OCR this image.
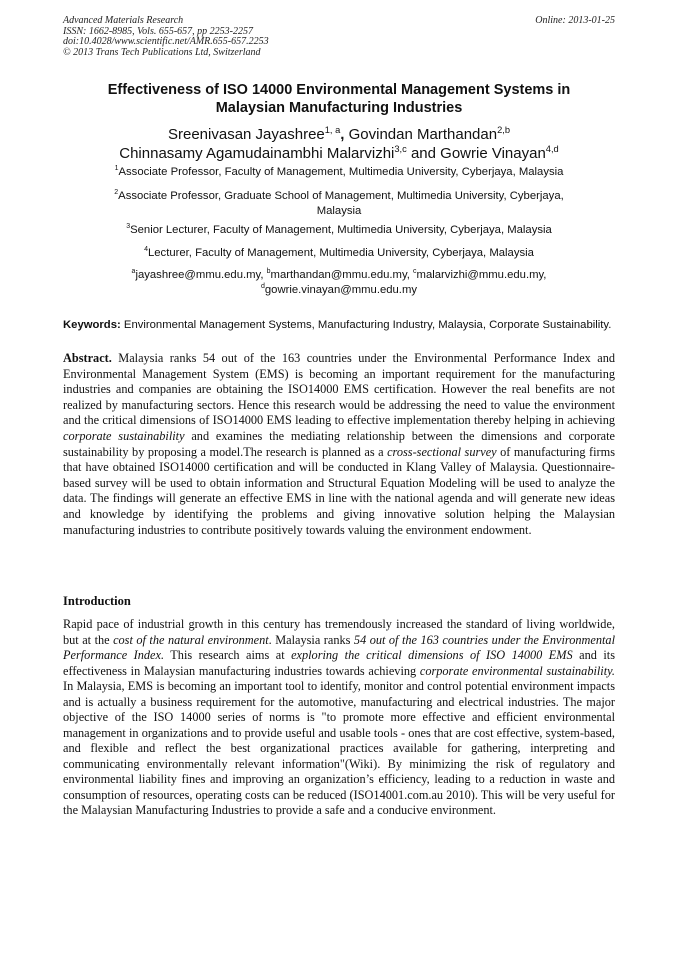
Advanced Materials Research
ISSN: 1662-8985, Vols. 655-657, pp 2253-2257
doi:10.4028/www.scientific.net/AMR.655-657.2253
© 2013 Trans Tech Publications Ltd, Switzerland
Online: 2013-01-25
Effectiveness of ISO 14000 Environmental Management Systems in
Malaysian Manufacturing Industries
Sreenivasan Jayashree$^{1, a}$, Govindan Marthandan$^{2,b}$
Chinnasamy Agamudainambhi Malarvizhi$^{3,c}$ and Gowrie Vinayan$^{4,d}$
$^1$Associate Professor, Faculty of Management, Multimedia University, Cyberjaya, Malaysia
$^2$Associate Professor, Graduate School of Management, Multimedia University, Cyberjaya,
Malaysia
$^3$Senior Lecturer, Faculty of Management, Multimedia University, Cyberjaya, Malaysia
$^4$Lecturer, Faculty of Management, Multimedia University, Cyberjaya, Malaysia
$^a$jayashree@mmu.edu.my, $^b$marthandan@mmu.edu.my, $^c$malarvizhi@mmu.edu.my,
$^d$gowrie.vinayan@mmu.edu.my
Keywords: Environmental Management Systems, Manufacturing Industry, Malaysia, Corporate Sustainability.
Abstract. Malaysia ranks 54 out of the 163 countries under the Environmental Performance Index and Environmental Management System (EMS) is becoming an important requirement for the manufacturing industries and companies are obtaining the ISO14000 EMS certification. However the real benefits are not realized by manufacturing sectors. Hence this research would be addressing the need to value the environment and the critical dimensions of ISO14000 EMS leading to effective implementation thereby helping in achieving corporate sustainability and examines the mediating relationship between the dimensions and corporate sustainability by proposing a model.The research is planned as a cross-sectional survey of manufacturing firms that have obtained ISO14000 certification and will be conducted in Klang Valley of Malaysia. Questionnaire-based survey will be used to obtain information and Structural Equation Modeling will be used to analyze the data. The findings will generate an effective EMS in line with the national agenda and will generate new ideas and knowledge by identifying the problems and giving innovative solution helping the Malaysian manufacturing industries to contribute positively towards valuing the environment endowment.
Introduction
Rapid pace of industrial growth in this century has tremendously increased the standard of living worldwide, but at the cost of the natural environment. Malaysia ranks 54 out of the 163 countries under the Environmental Performance Index. This research aims at exploring the critical dimensions of ISO 14000 EMS and its effectiveness in Malaysian manufacturing industries towards achieving corporate environmental sustainability. In Malaysia, EMS is becoming an important tool to identify, monitor and control potential environment impacts and is actually a business requirement for the automotive, manufacturing and electrical industries. The major objective of the ISO 14000 series of norms is "to promote more effective and efficient environmental management in organizations and to provide useful and usable tools - ones that are cost effective, system-based, and flexible and reflect the best organizational practices available for gathering, interpreting and communicating environmentally relevant information"(Wiki). By minimizing the risk of regulatory and environmental liability fines and improving an organization’s efficiency, leading to a reduction in waste and consumption of resources, operating costs can be reduced (ISO14001.com.au 2010). This will be very useful for the Malaysian Manufacturing Industries to provide a safe and a conducive environment.
